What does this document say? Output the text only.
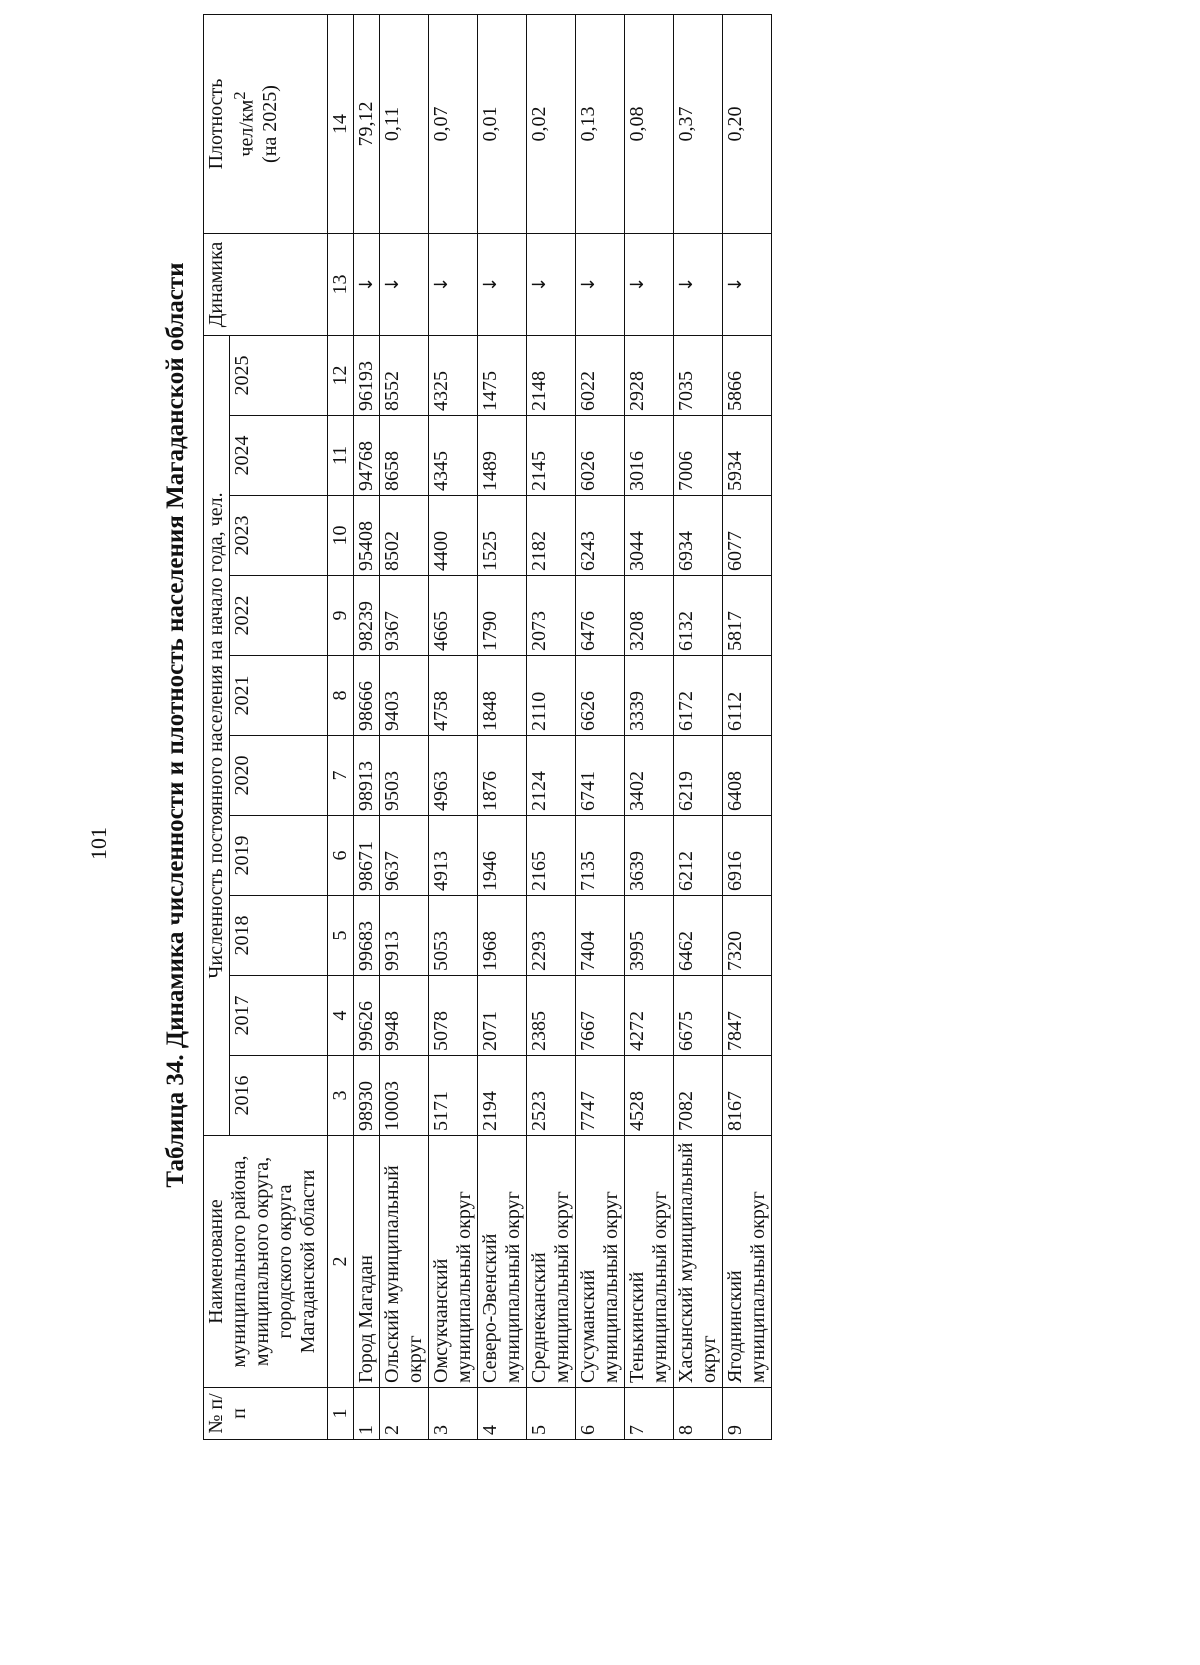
101 Таблица 34. Динамика численности и плотность населения Магаданской области
№ п/п	Наименование муниципального района, муниципального округа, городского округа Магаданской области	Численность постоянного населения на начало года, чел.										Динамика	Плотность чел/$км^2$ (на 2025)
		2016	2017	2018	2019	2020	2021	2022	2023	2024	2025		
1	2	3	4	5	6	7	8	9	10	11	12	13	14
1	Город Магадан	98930	99626	99683	98671	98913	98666	98239	95408	94768	96193	↓	79,12
2	Ольский муниципальный округ	10003	9948	9913	9637	9503	9403	9367	8502	8658	8552	↓	0,11
3	Омсукчанский муниципальный округ	5171	5078	5053	4913	4963	4758	4665	4400	4345	4325	↓	0,07
4	Северо-Эвенский муниципальный округ	2194	2071	1968	1946	1876	1848	1790	1525	1489	1475	↓	0,01
5	Среднеканский муниципальный округ	2523	2385	2293	2165	2124	2110	2073	2182	2145	2148	↓	0,02
6	Сусуманский муниципальный округ	7747	7667	7404	7135	6741	6626	6476	6243	6026	6022	↓	0,13
7	Тенькинский муниципальный округ	4528	4272	3995	3639	3402	3339	3208	3044	3016	2928	↓	0,08
8	Хасынский муниципальный округ	7082	6675	6462	6212	6219	6172	6132	6934	7006	7035	↓	0,37
9	Ягоднинский муниципальный округ	8167	7847	7320	6916	6408	6112	5817	6077	5934	5866	↓	0,20
